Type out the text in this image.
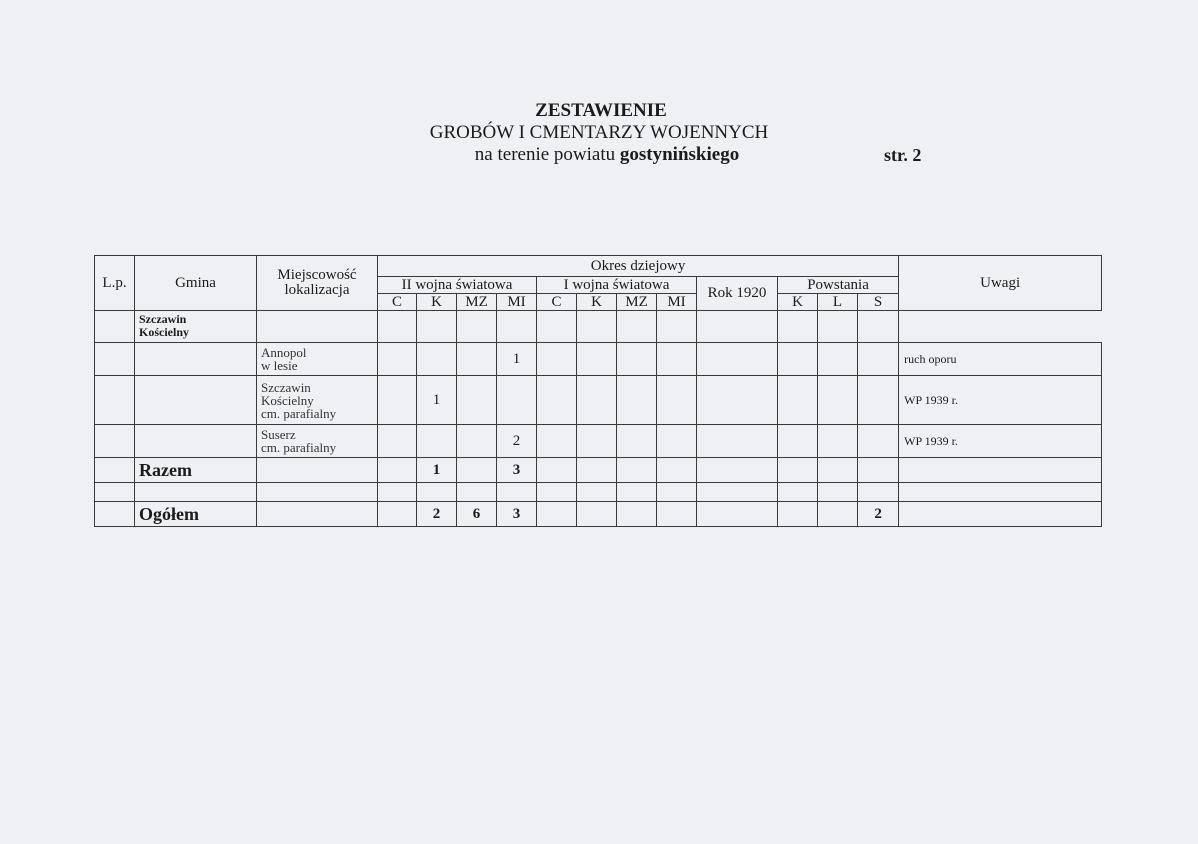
ZESTAWIENIE
GROBÓW I CMENTARZY WOJENNYCH
na terenie powiatu gostynińskiego	str. 2
L.p.	Gmina	Miejscowość
lokalizacja	Okres dziejowy												Uwagi
			II wojna światowa				I wojna światowa				Rok 1920	Powstania			
			C	K	MZ	MI	C	K	MZ	MI		K	L	S	

	Szczawin
Kościelny														

		Annopol
w lesie				1									ruch oporu

		Szczawin
Kościelny
cm. parafialny		1											WP 1939 r.

		Suserz
cm. parafialny				2									WP 1939 r.
	Razem			1		3									

	Ogółem			2	6	3								2	
